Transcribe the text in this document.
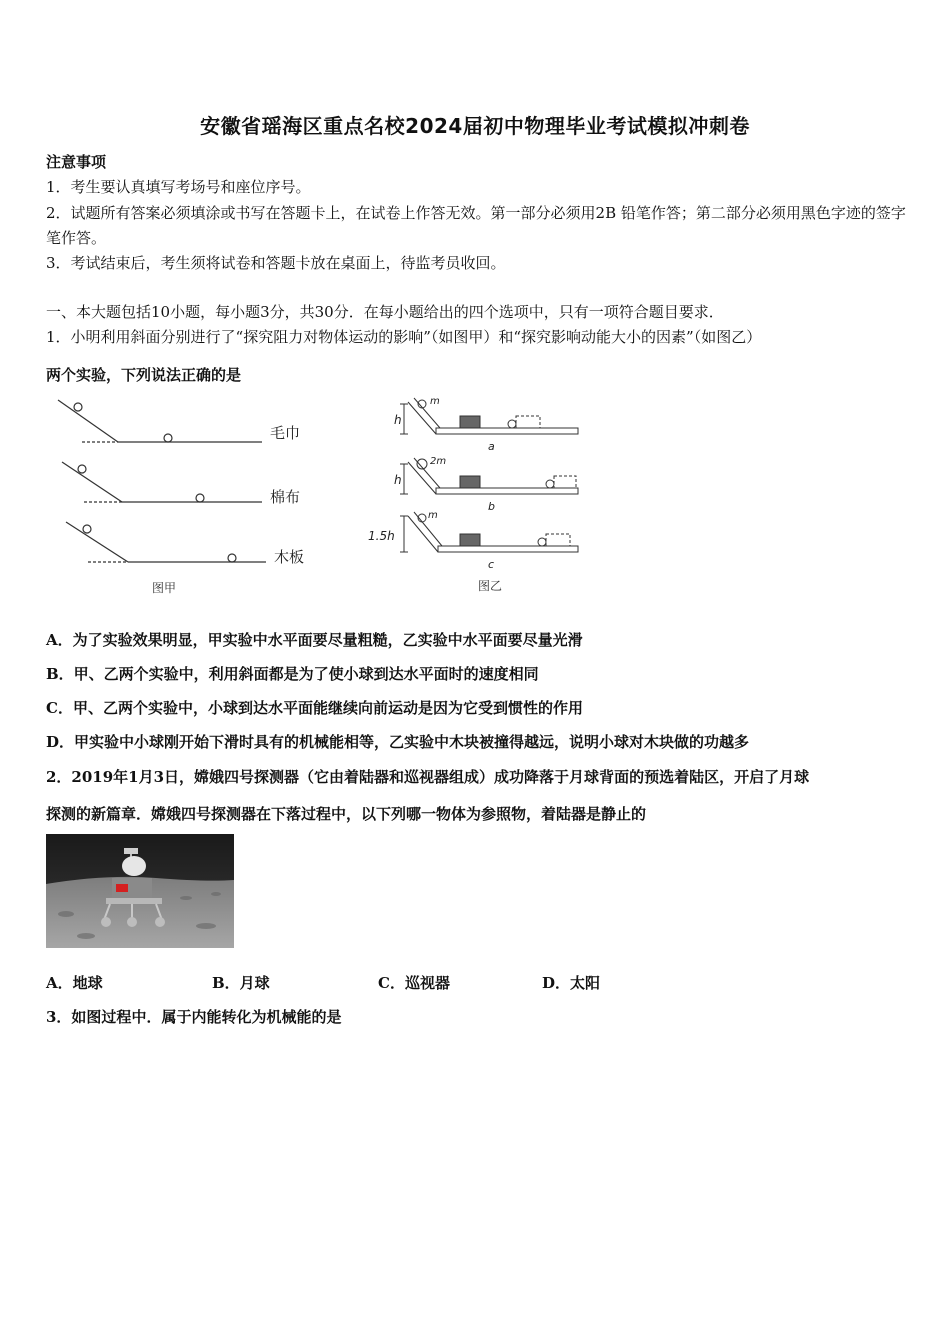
安徽省瑶海区重点名校2024届初中物理毕业考试模拟冲刺卷
注意事项
1．考生要认真填写考场号和座位序号。
2．试题所有答案必须填涂或书写在答题卡上，在试卷上作答无效。第一部分必须用2B 铅笔作答；第二部分必须用黑色字迹的签字笔作答。
3．考试结束后，考生须将试卷和答题卡放在桌面上，待监考员收回。
一、本大题包括10小题，每小题3分，共30分．在每小题给出的四个选项中，只有一项符合题目要求．
1．小明利用斜面分别进行了“探究阻力对物体运动的影响”（如图甲）和“探究影响动能大小的因素”（如图乙）
两个实验，下列说法正确的是
毛巾
棉布
木板
图甲
h
m
a
h
2m
b
1.5h
m
c
图乙
A．为了实验效果明显，甲实验中水平面要尽量粗糙，乙实验中水平面要尽量光滑
B．甲、乙两个实验中，利用斜面都是为了使小球到达水平面时的速度相同
C．甲、乙两个实验中，小球到达水平面能继续向前运动是因为它受到惯性的作用
D．甲实验中小球刚开始下滑时具有的机械能相等，乙实验中木块被撞得越远，说明小球对木块做的功越多
2．2019年1月3日，嫦娥四号探测器（它由着陆器和巡视器组成）成功降落于月球背面的预选着陆区，开启了月球
探测的新篇章．嫦娥四号探测器在下落过程中，以下列哪一物体为参照物，着陆器是静止的
A．地球	B．月球	C．巡视器	D．太阳
3．如图过程中．属于内能转化为机械能的是
